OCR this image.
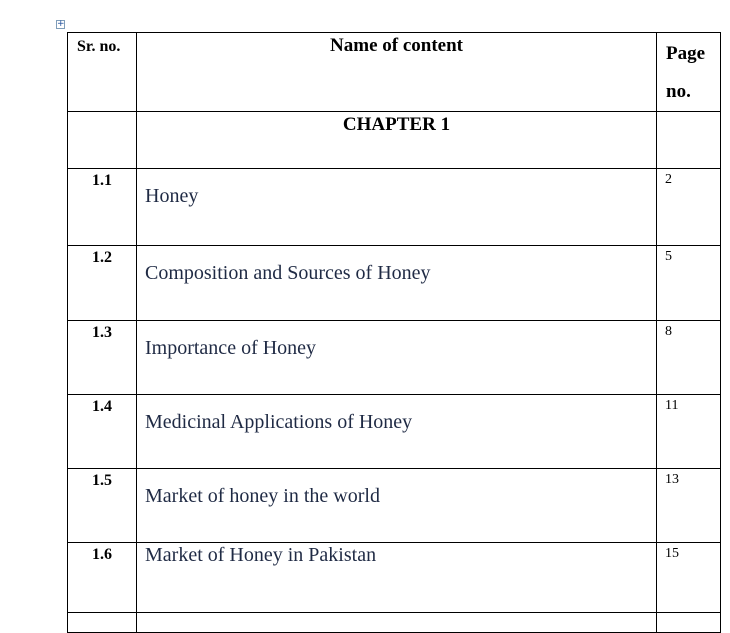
+
Sr. no.	Name of content	Page
no.

	CHAPTER 1	
1.1	Honey	2
1.2	Composition and Sources of Honey	5
1.3	Importance of Honey	8
1.4	Medicinal Applications of Honey	11
1.5	Market of honey in the world	13
1.6	Market of Honey in Pakistan	15
